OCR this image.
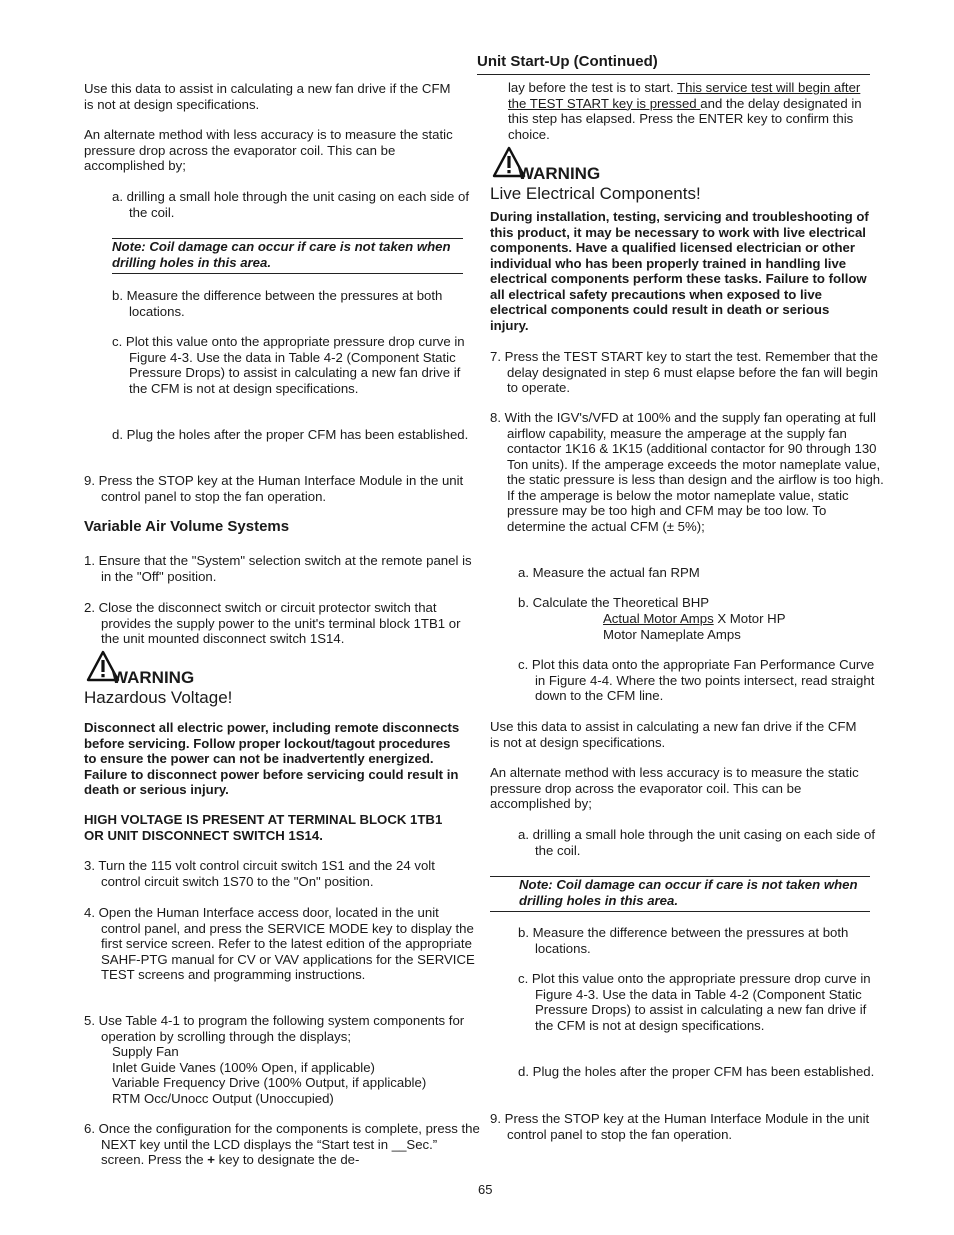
Unit Start-Up (Continued)

Use this data to assist in calculating a new fan drive if the CFM is not at design specifications.

An alternate method with less accuracy is to measure the static pressure drop across the evaporator coil. This can be accomplished by;

a. drilling a small hole through the unit casing on each side of the coil.

Note: Coil damage can occur if care is not taken when drilling holes in this area.

b. Measure the difference between the pressures at both locations.

c. Plot this value onto the appropriate pressure drop curve in Figure 4-3. Use the data in Table 4-2 (Component Static Pressure Drops) to assist in calculating a new fan drive if the CFM is not at design specifications.

d. Plug the holes after the proper CFM has been established.

9. Press the STOP key at the Human Interface Module in the unit control panel to stop the fan operation.

Variable Air Volume Systems

1. Ensure that the "System" selection switch at the remote panel is in the "Off" position.

2. Close the disconnect switch or circuit protector switch that provides the supply power to the unit's terminal block 1TB1 or the unit mounted disconnect switch 1S14.

WARNING
Hazardous Voltage!

Disconnect all electric power, including remote disconnects before servicing. Follow proper lockout/tagout procedures to ensure the power can not be inadvertently energized. Failure to disconnect power before servicing could result in death or serious injury.

HIGH VOLTAGE IS PRESENT AT TERMINAL BLOCK 1TB1 OR UNIT DISCONNECT SWITCH 1S14.

3. Turn the 115 volt control circuit switch 1S1 and the 24 volt control circuit switch 1S70 to the "On" position.

4. Open the Human Interface access door, located in the unit control panel, and press the SERVICE MODE key to display the first service screen. Refer to the latest edition of the appropriate SAHF-PTG manual for CV or VAV applications for the SERVICE TEST screens and programming instructions.

5. Use Table 4-1 to program the following system components for operation by scrolling through the displays;

Supply Fan
Inlet Guide Vanes (100% Open, if applicable)
Variable Frequency Drive (100% Output, if applicable)
RTM Occ/Unocc Output (Unoccupied)

6. Once the configuration for the components is complete, press the NEXT key until the LCD displays the “Start test in __Sec.” screen. Press the + key to designate the de-

lay before the test is to start. This service test will begin after the TEST START key is pressed and the delay designated in this step has elapsed. Press the ENTER key to confirm this choice.

WARNING
Live Electrical Components!

During installation, testing, servicing and troubleshooting of this product, it may be necessary to work with live electrical components. Have a qualified licensed electrician or other individual who has been properly trained in handling live electrical components perform these tasks. Failure to follow all electrical safety precautions when exposed to live electrical components could result in death or serious injury.

7. Press the TEST START key to start the test. Remember that the delay designated in step 6 must elapse before the fan will begin to operate.

8. With the IGV's/VFD at 100% and the supply fan operating at full airflow capability, measure the amperage at the supply fan contactor 1K16 & 1K15 (additional contactor for 90 through 130 Ton units). If the amperage exceeds the motor nameplate value, the static pressure is less than design and the airflow is too high. If the amperage is below the motor nameplate value, static pressure may be too high and CFM may be too low. To determine the actual CFM (± 5%);

a. Measure the actual fan RPM

b. Calculate the Theoretical BHP

Actual Motor Amps X Motor HP
Motor Nameplate Amps

c. Plot this data onto the appropriate Fan Performance Curve in Figure 4-4. Where the two points intersect, read straight down to the CFM line.

Use this data to assist in calculating a new fan drive if the CFM is not at design specifications.

An alternate method with less accuracy is to measure the static pressure drop across the evaporator coil. This can be accomplished by;

a. drilling a small hole through the unit casing on each side of the coil.

Note: Coil damage can occur if care is not taken when drilling holes in this area.

b. Measure the difference between the pressures at both locations.

c. Plot this value onto the appropriate pressure drop curve in Figure 4-3. Use the data in Table 4-2 (Component Static Pressure Drops) to assist in calculating a new fan drive if the CFM is not at design specifications.

d. Plug the holes after the proper CFM has been established.

9. Press the STOP key at the Human Interface Module in the unit control panel to stop the fan operation.

65
